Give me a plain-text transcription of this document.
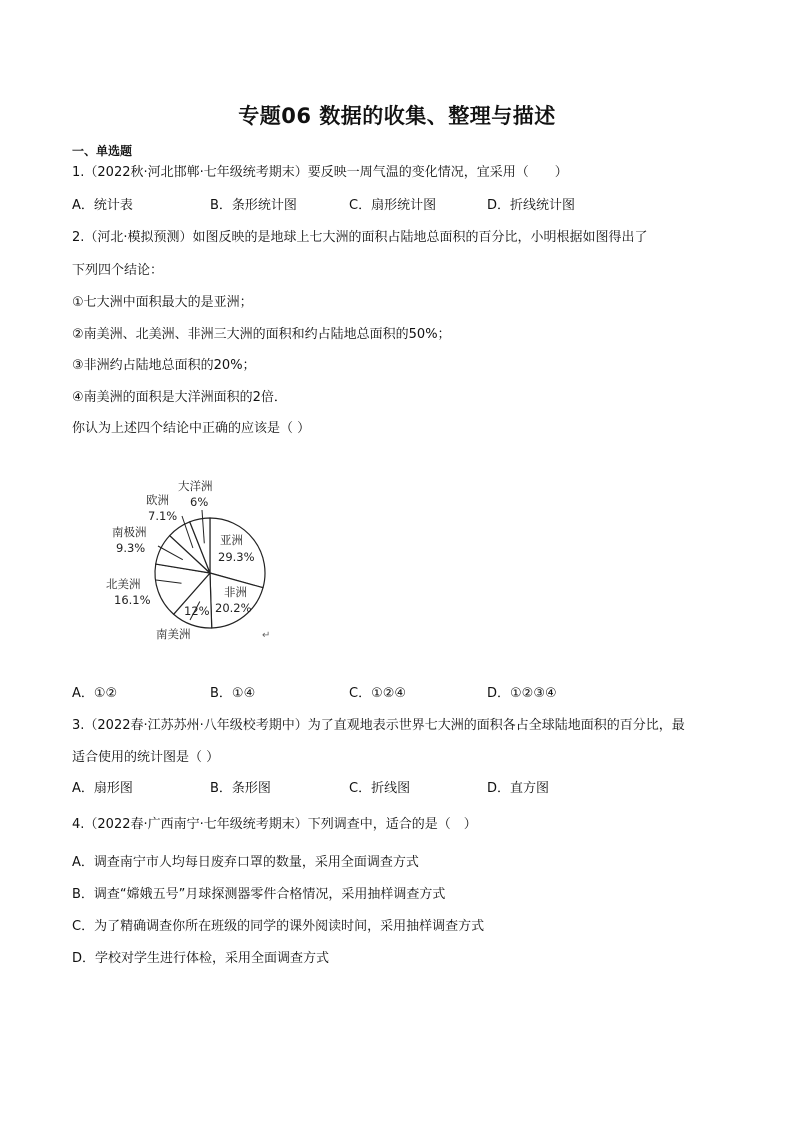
专题06 数据的收集、整理与描述
一、单选题
1.（2022秋·河北邯郸·七年级统考期末）要反映一周气温的变化情况，宜采用（　　）
A．统计表	B．条形统计图	C．扇形统计图	D．折线统计图
2.（河北·模拟预测）如图反映的是地球上七大洲的面积占陆地总面积的百分比，小明根据如图得出了
下列四个结论：
①七大洲中面积最大的是亚洲；
②南美洲、北美洲、非洲三大洲的面积和约占陆地总面积的50%；
③非洲约占陆地总面积的20%；
④南美洲的面积是大洋洲面积的2倍．
你认为上述四个结论中正确的应该是（ ）
亚洲
29.3%
非洲
20.2%
南美洲
12%
北美洲
16.1%
南极洲
9.3%
欧洲
7.1%
大洋洲
6%
↵
A．①②	B．①④	C．①②④	D．①②③④
3.（2022春·江苏苏州·八年级校考期中）为了直观地表示世界七大洲的面积各占全球陆地面积的百分比，最
适合使用的统计图是（ ）
A．扇形图	B．条形图	C．折线图	D．直方图
4.（2022春·广西南宁·七年级统考期末）下列调查中，适合的是（　）
A．调查南宁市人均每日废弃口罩的数量，采用全面调查方式
B．调查“嫦娥五号”月球探测器零件合格情况，采用抽样调查方式
C．为了精确调查你所在班级的同学的课外阅读时间，采用抽样调查方式
D．学校对学生进行体检，采用全面调查方式
